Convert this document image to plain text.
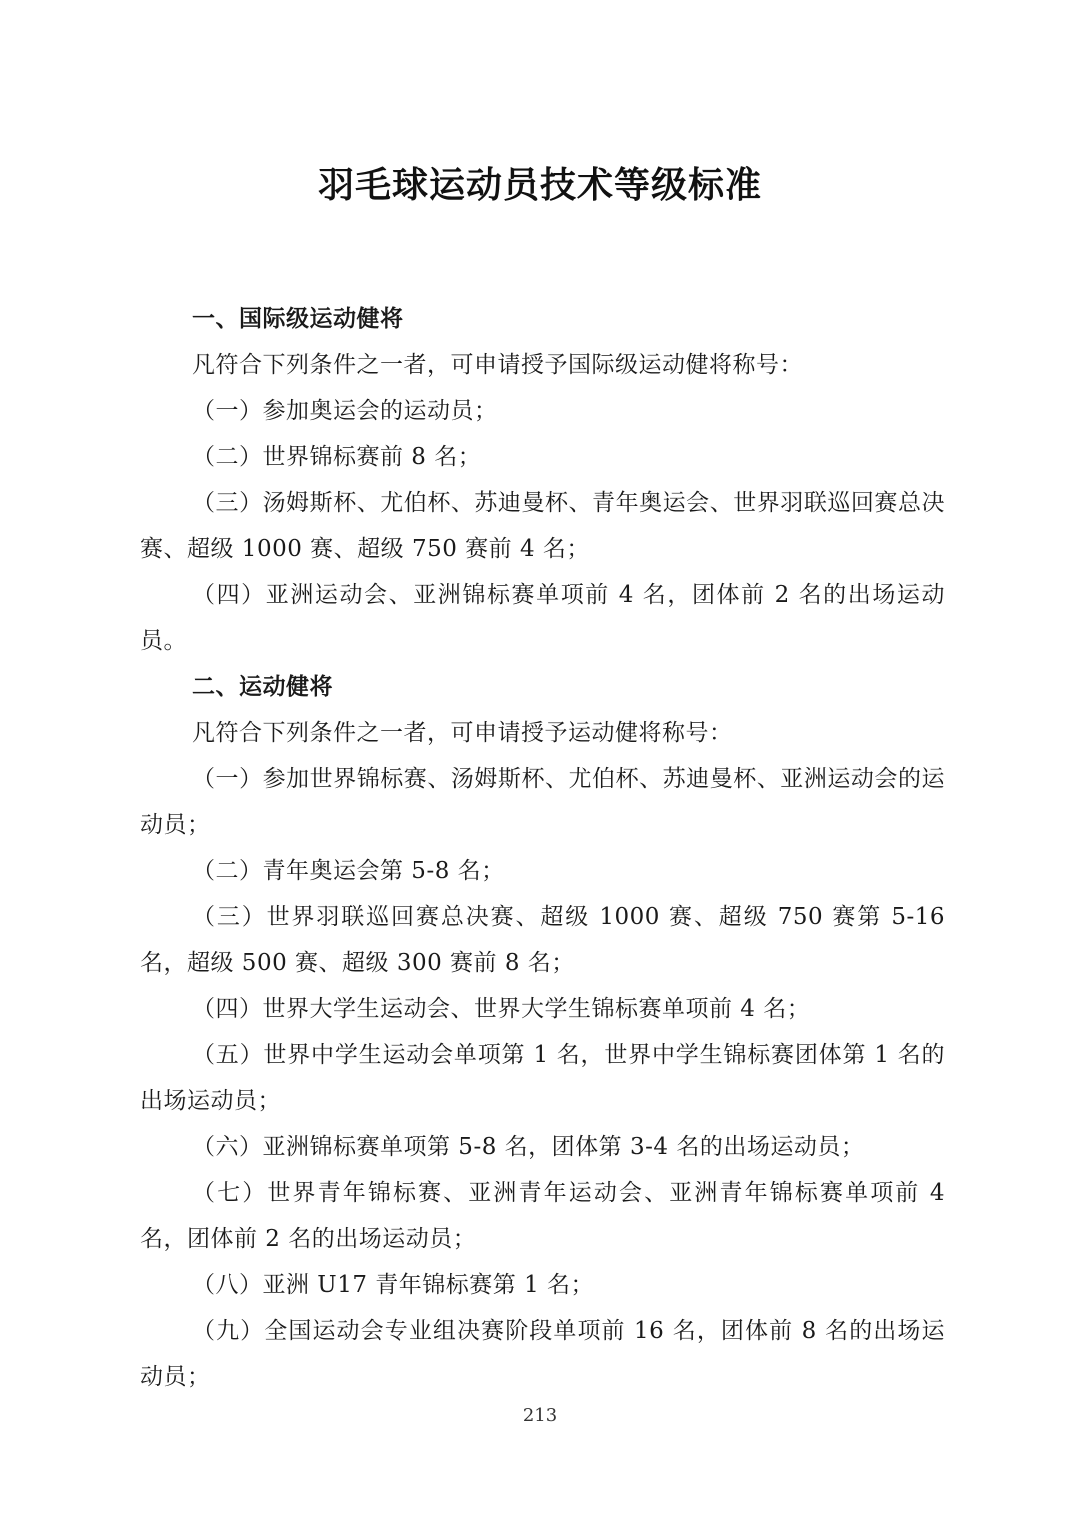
羽毛球运动员技术等级标准

一、国际级运动健将

凡符合下列条件之一者，可申请授予国际级运动健将称号：

（一）参加奥运会的运动员；

（二）世界锦标赛前 8 名；

（三）汤姆斯杯、尤伯杯、苏迪曼杯、青年奥运会、世界羽联巡回赛总决赛、超级 1000 赛、超级 750 赛前 4 名；

（四）亚洲运动会、亚洲锦标赛单项前 4 名，团体前 2 名的出场运动员。

二、运动健将

凡符合下列条件之一者，可申请授予运动健将称号：

（一）参加世界锦标赛、汤姆斯杯、尤伯杯、苏迪曼杯、亚洲运动会的运动员；

（二）青年奥运会第 5-8 名；

（三）世界羽联巡回赛总决赛、超级 1000 赛、超级 750 赛第 5-16 名，超级 500 赛、超级 300 赛前 8 名；

（四）世界大学生运动会、世界大学生锦标赛单项前 4 名；

（五）世界中学生运动会单项第 1 名，世界中学生锦标赛团体第 1 名的出场运动员；

（六）亚洲锦标赛单项第 5-8 名，团体第 3-4 名的出场运动员；

（七）世界青年锦标赛、亚洲青年运动会、亚洲青年锦标赛单项前 4 名，团体前 2 名的出场运动员；

（八）亚洲 U17 青年锦标赛第 1 名；

（九）全国运动会专业组决赛阶段单项前 16 名，团体前 8 名的出场运动员；

213
